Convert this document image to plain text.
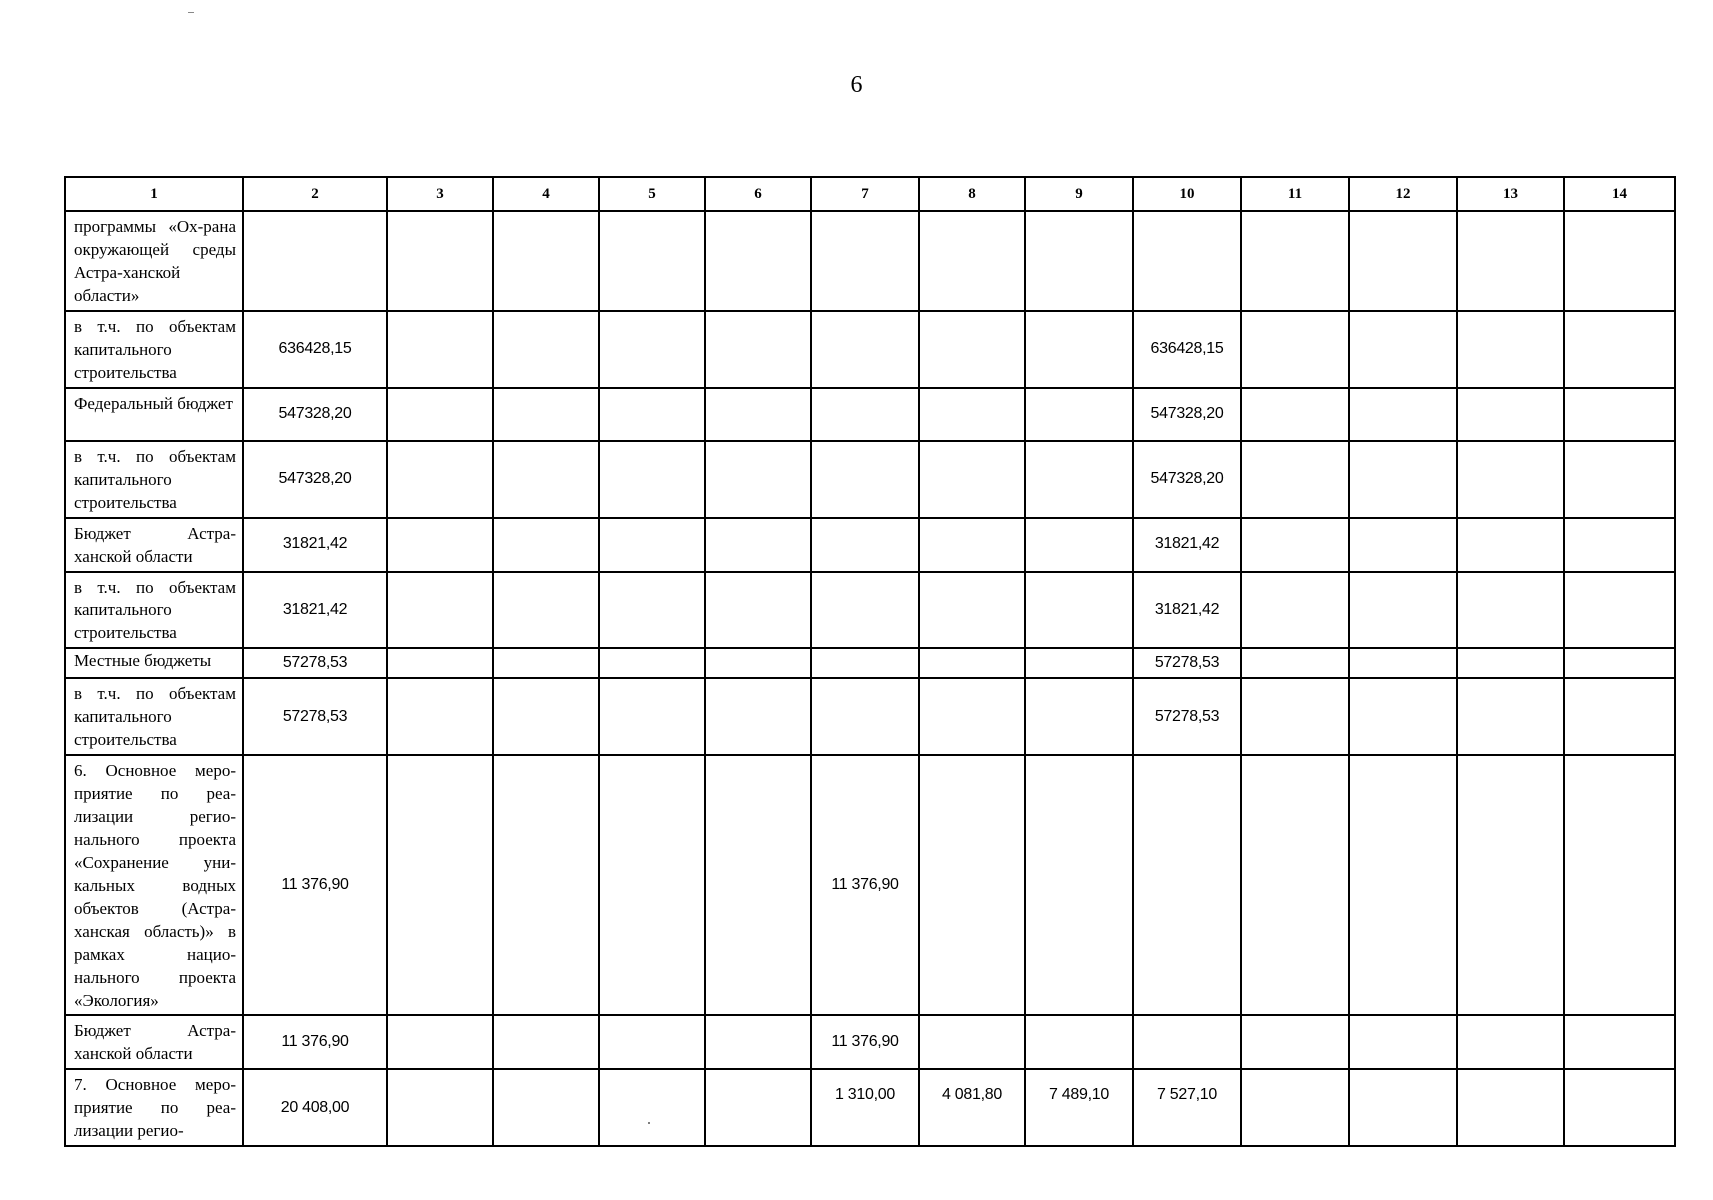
6
1	2	3	4	5	6	7	8	9	10	11	12	13	14
программы «Ох-рана окружающей среды Астра-ханской области»													
в т.ч. по объектам капитального строительства	636428,15								636428,15				
Федеральный бюджет	547328,20								547328,20				
в т.ч. по объектам капитального строительства	547328,20								547328,20				
Бюджет Астра-ханской области	31821,42								31821,42				
в т.ч. по объектам капитального строительства	31821,42								31821,42				
Местные бюджеты	57278,53								57278,53				
в т.ч. по объектам капитального строительства	57278,53								57278,53				
6. Основное меро-приятие по реа-лизации регио-нального проекта «Сохранение уни-кальных водных объектов (Астра-ханская область)» в рамках нацио-нального проекта «Экология»	11 376,90					11 376,90							
Бюджет Астра-ханской области	11 376,90					11 376,90							
7. Основное меро-приятие по реа-лизации регио-	20 408,00					1 310,00	4 081,80	7 489,10	7 527,10				
